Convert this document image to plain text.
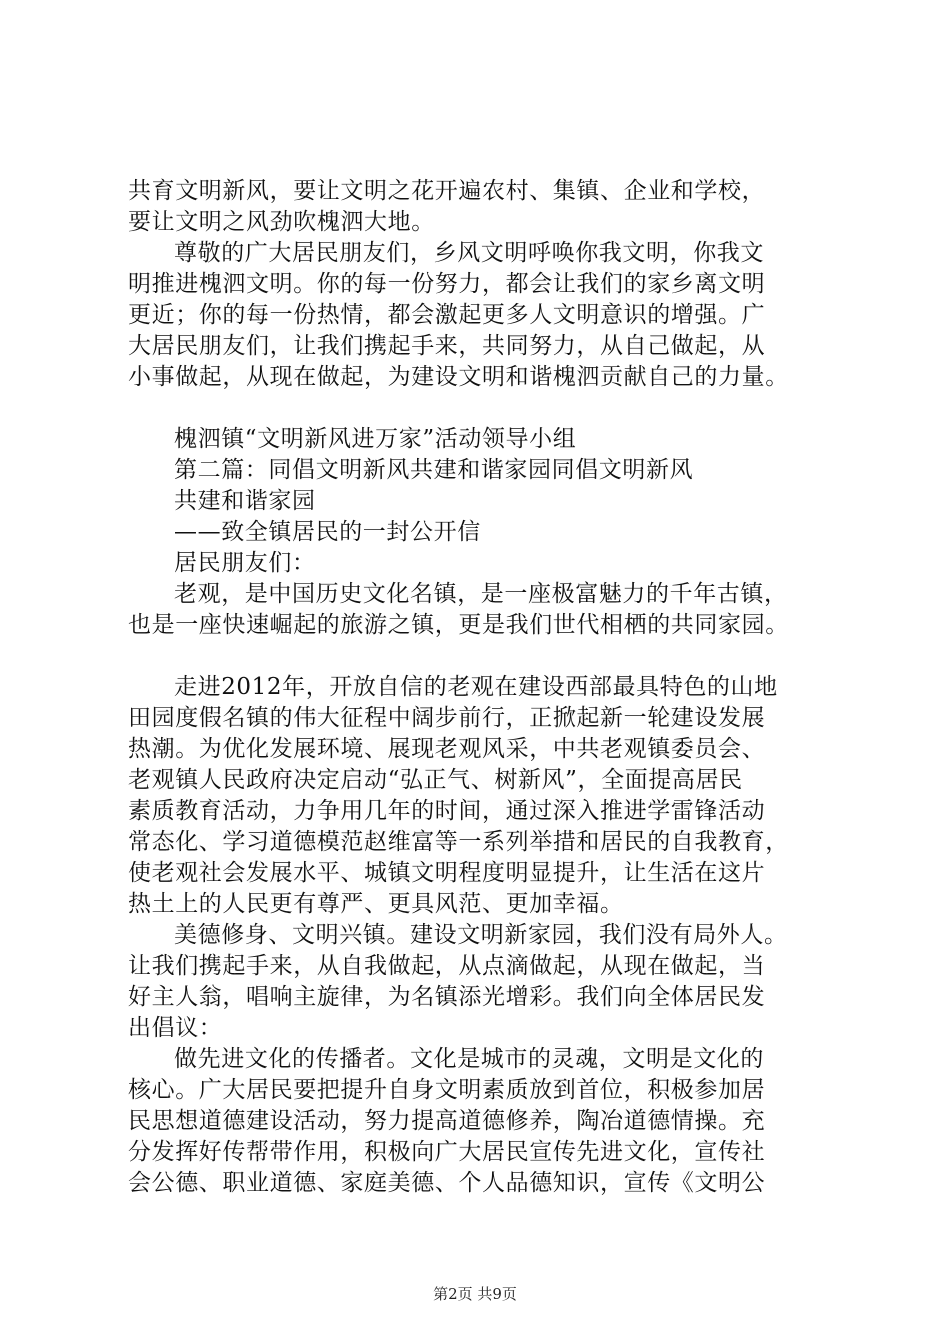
共育文明新风，要让文明之花开遍农村、集镇、企业和学校，
要让文明之风劲吹槐泗大地。
尊敬的广大居民朋友们，乡风文明呼唤你我文明，你我文
明推进槐泗文明。你的每一份努力，都会让我们的家乡离文明
更近；你的每一份热情，都会激起更多人文明意识的增强。广
大居民朋友们，让我们携起手来，共同努力，从自己做起，从
小事做起，从现在做起，为建设文明和谐槐泗贡献自己的力量。
槐泗镇“文明新风进万家”活动领导小组
第二篇：同倡文明新风共建和谐家园同倡文明新风
共建和谐家园
——致全镇居民的一封公开信
居民朋友们：
老观，是中国历史文化名镇，是一座极富魅力的千年古镇，
也是一座快速崛起的旅游之镇，更是我们世代相栖的共同家园。
走进2012年，开放自信的老观在建设西部最具特色的山地
田园度假名镇的伟大征程中阔步前行，正掀起新一轮建设发展
热潮。为优化发展环境、展现老观风采，中共老观镇委员会、
老观镇人民政府决定启动“弘正气、树新风”，全面提高居民
素质教育活动，力争用几年的时间，通过深入推进学雷锋活动
常态化、学习道德模范赵维富等一系列举措和居民的自我教育，
使老观社会发展水平、城镇文明程度明显提升，让生活在这片
热土上的人民更有尊严、更具风范、更加幸福。
美德修身、文明兴镇。建设文明新家园，我们没有局外人。
让我们携起手来，从自我做起，从点滴做起，从现在做起，当
好主人翁，唱响主旋律，为名镇添光增彩。我们向全体居民发
出倡议：
做先进文化的传播者。文化是城市的灵魂，文明是文化的
核心。广大居民要把提升自身文明素质放到首位，积极参加居
民思想道德建设活动，努力提高道德修养，陶冶道德情操。充
分发挥好传帮带作用，积极向广大居民宣传先进文化，宣传社
会公德、职业道德、家庭美德、个人品德知识，宣传《文明公
第2页 共9页
